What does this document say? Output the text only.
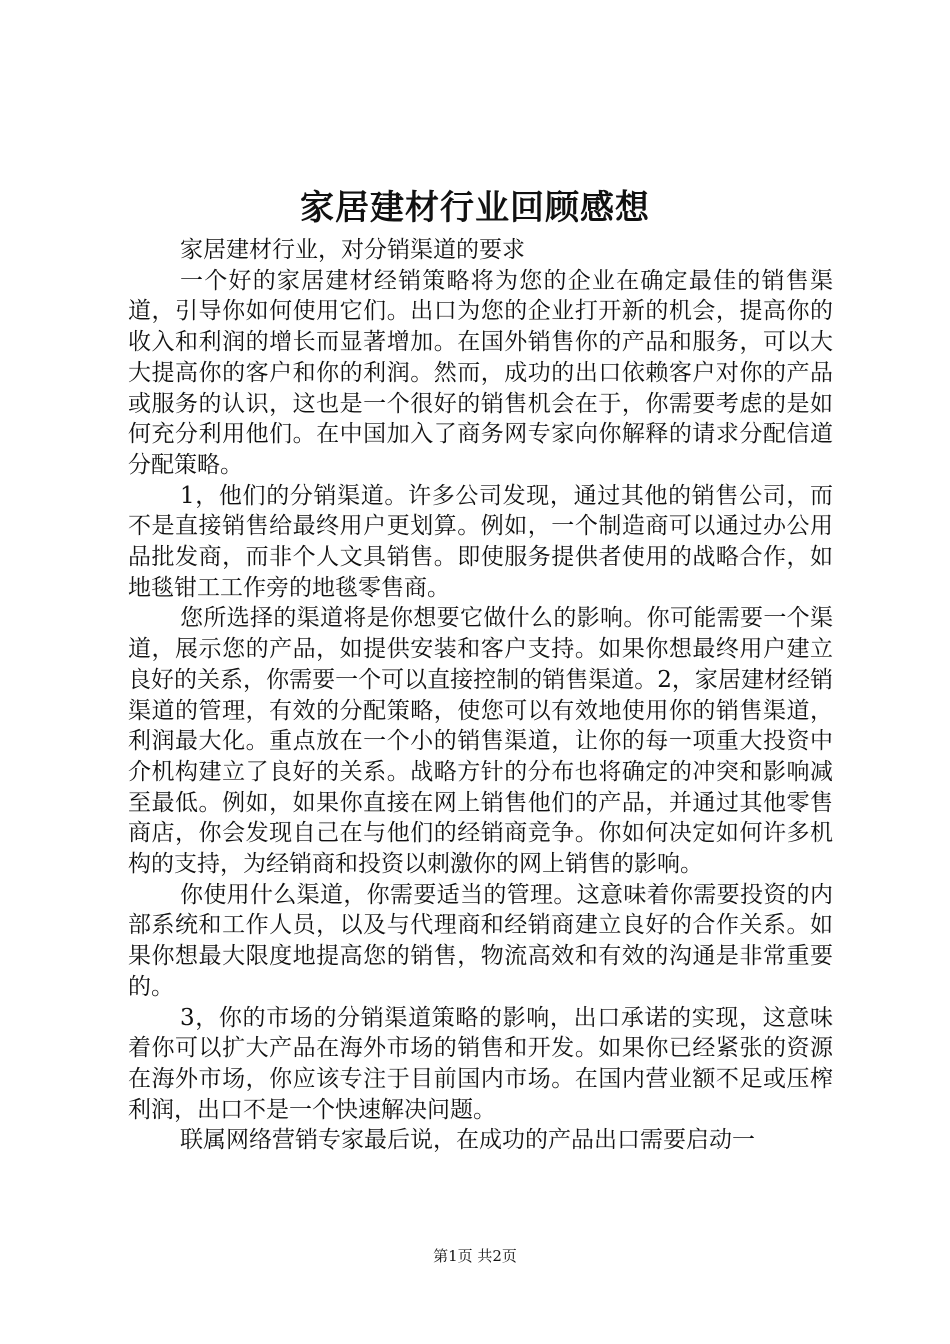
家居建材行业回顾感想

家居建材行业，对分销渠道的要求

一个好的家居建材经销策略将为您的企业在确定最佳的销售渠道，引导你如何使用它们。出口为您的企业打开新的机会，提高你的收入和利润的增长而显著增加。在国外销售你的产品和服务，可以大大提高你的客户和你的利润。然而，成功的出口依赖客户对你的产品或服务的认识，这也是一个很好的销售机会在于，你需要考虑的是如何充分利用他们。在中国加入了商务网专家向你解释的请求分配信道分配策略。

1，他们的分销渠道。许多公司发现，通过其他的销售公司，而不是直接销售给最终用户更划算。例如，一个制造商可以通过办公用品批发商，而非个人文具销售。即使服务提供者使用的战略合作，如地毯钳工工作旁的地毯零售商。

您所选择的渠道将是你想要它做什么的影响。你可能需要一个渠道，展示您的产品，如提供安装和客户支持。如果你想最终用户建立良好的关系，你需要一个可以直接控制的销售渠道。2，家居建材经销渠道的管理，有效的分配策略，使您可以有效地使用你的销售渠道，利润最大化。重点放在一个小的销售渠道，让你的每一项重大投资中介机构建立了良好的关系。战略方针的分布也将确定的冲突和影响减至最低。例如，如果你直接在网上销售他们的产品，并通过其他零售商店，你会发现自己在与他们的经销商竞争。你如何决定如何许多机构的支持，为经销商和投资以刺激你的网上销售的影响。

你使用什么渠道，你需要适当的管理。这意味着你需要投资的内部系统和工作人员，以及与代理商和经销商建立良好的合作关系。如果你想最大限度地提高您的销售，物流高效和有效的沟通是非常重要的。

3，你的市场的分销渠道策略的影响，出口承诺的实现，这意味着你可以扩大产品在海外市场的销售和开发。如果你已经紧张的资源在海外市场，你应该专注于目前国内市场。在国内营业额不足或压榨利润，出口不是一个快速解决问题。

联属网络营销专家最后说，在成功的产品出口需要启动一

第1页 共2页
